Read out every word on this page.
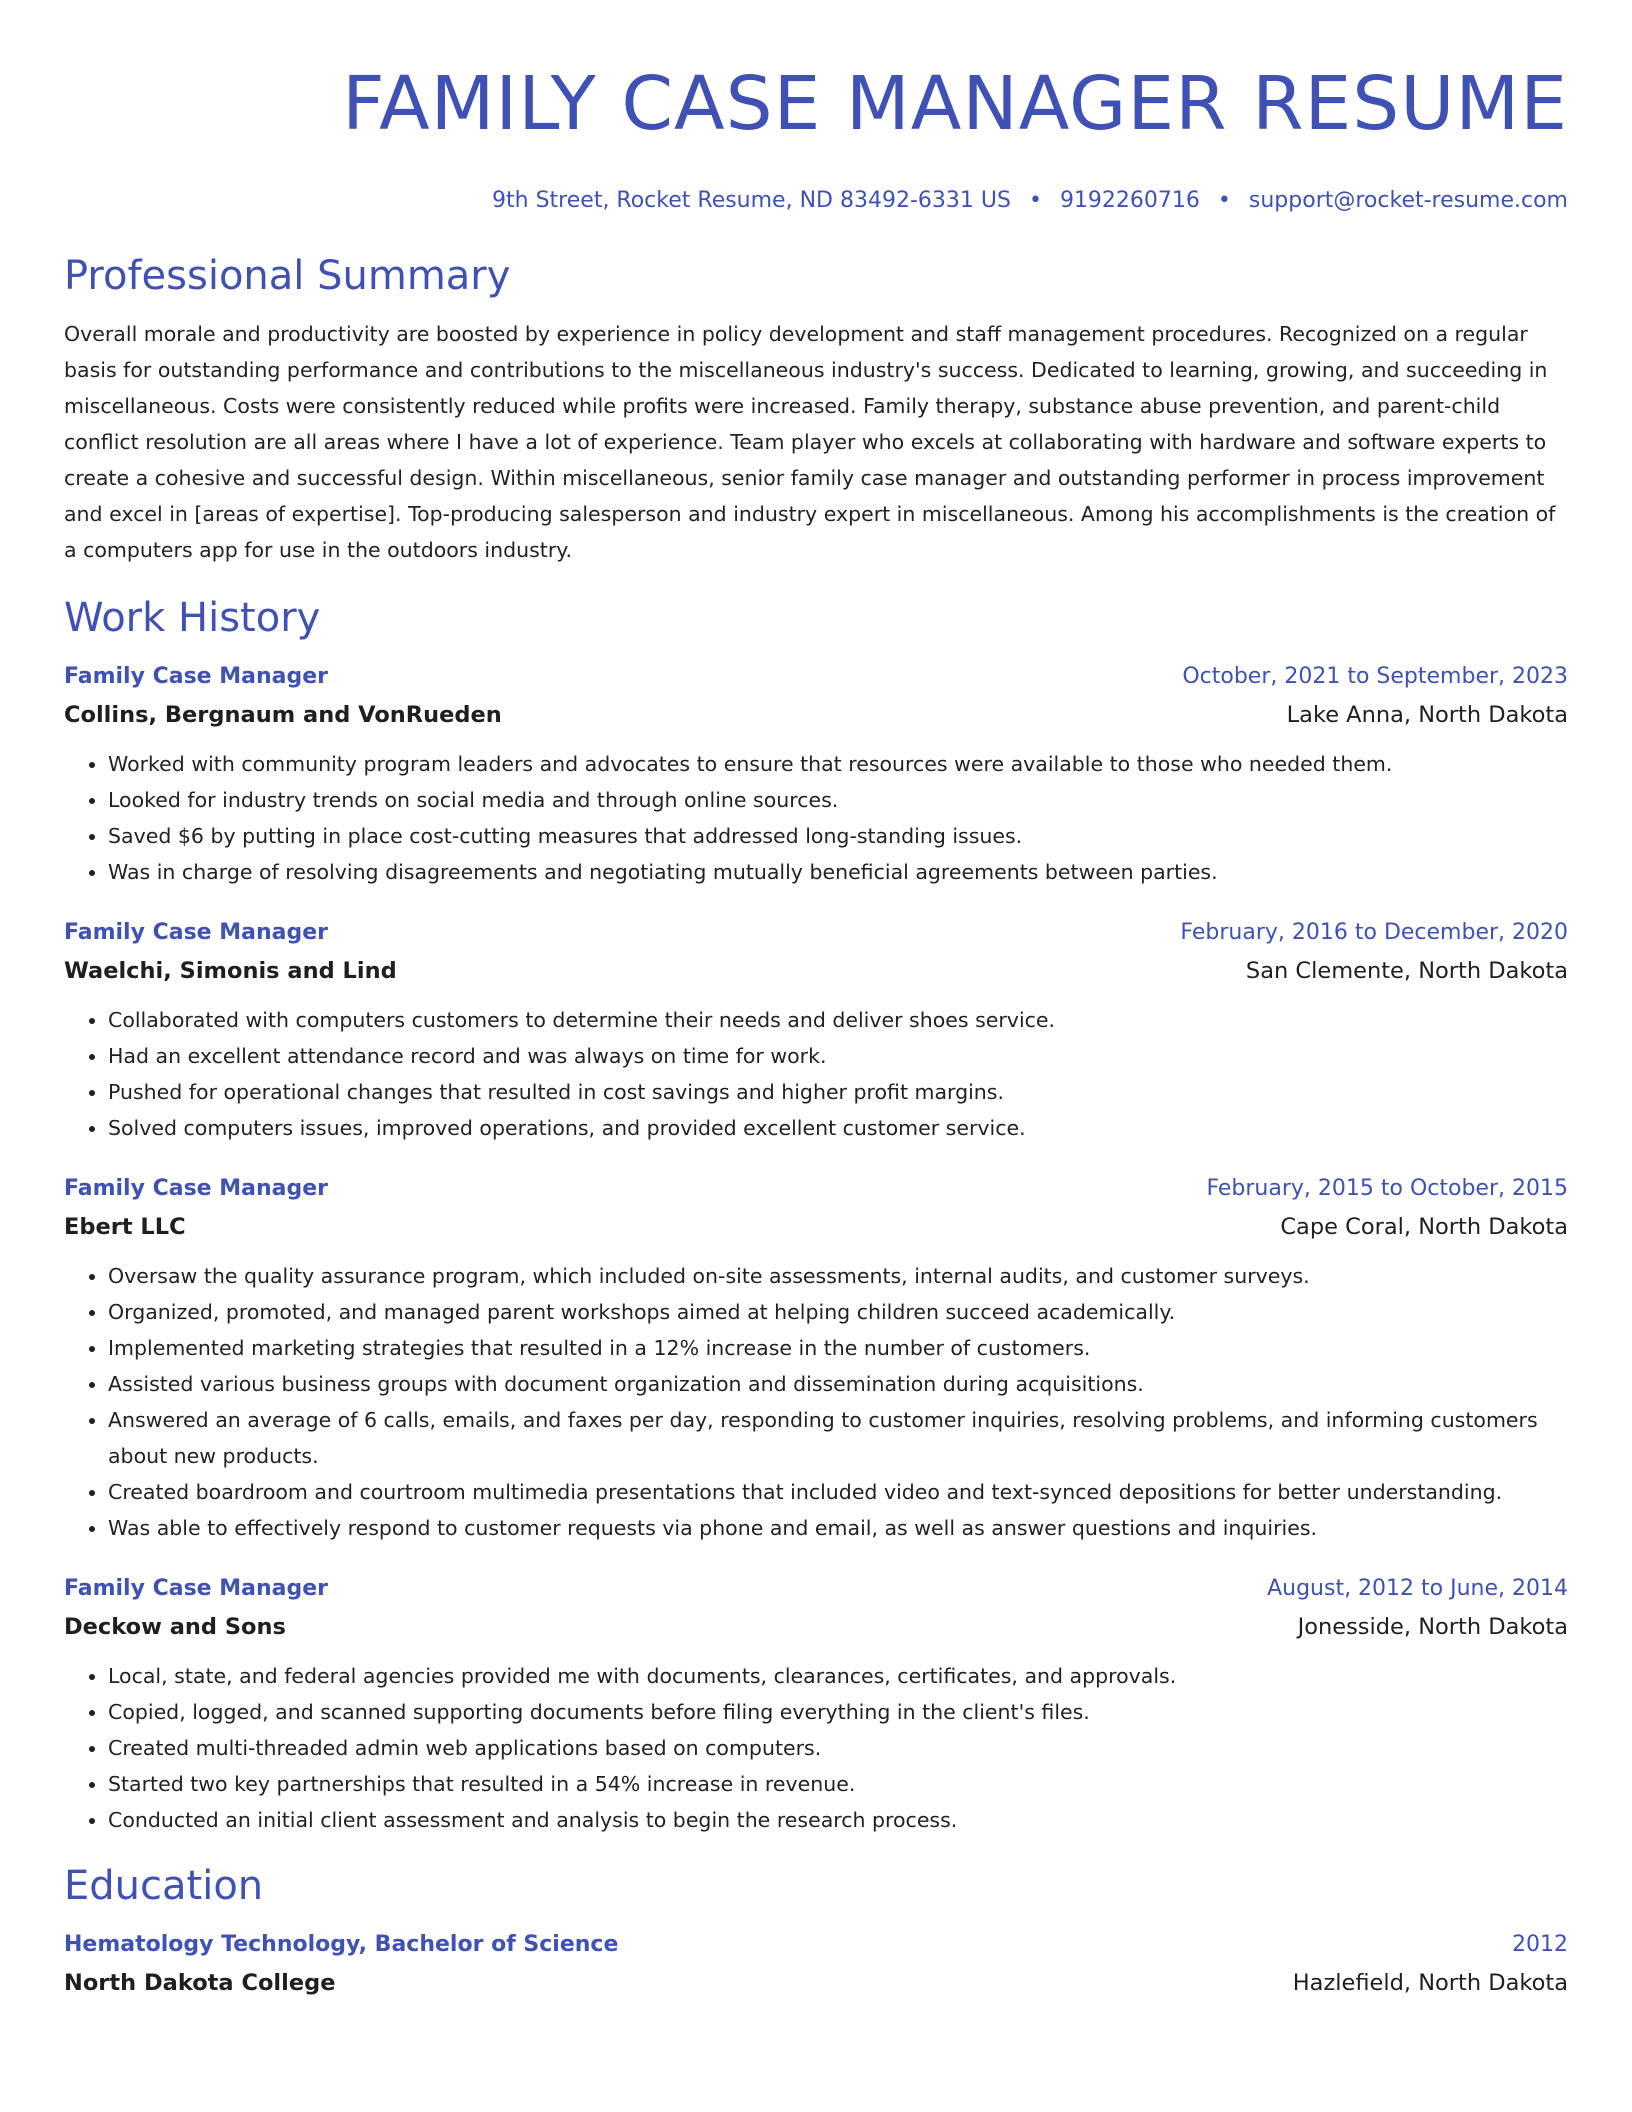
FAMILY CASE MANAGER RESUME
9th Street, Rocket Resume, ND 83492-6331 US • 9192260716 • support@rocket-resume.com
Professional Summary
Overall morale and productivity are boosted by experience in policy development and staff management procedures. Recognized on a regular basis for outstanding performance and contributions to the miscellaneous industry's success. Dedicated to learning, growing, and succeeding in miscellaneous. Costs were consistently reduced while profits were increased. Family therapy, substance abuse prevention, and parent-child conflict resolution are all areas where I have a lot of experience. Team player who excels at collaborating with hardware and software experts to create a cohesive and successful design. Within miscellaneous, senior family case manager and outstanding performer in process improvement and excel in [areas of expertise]. Top-producing salesperson and industry expert in miscellaneous. Among his accomplishments is the creation of a computers app for use in the outdoors industry.
Work History
Family Case Manager	October, 2021 to September, 2023
Collins, Bergnaum and VonRueden	Lake Anna, North Dakota
• Worked with community program leaders and advocates to ensure that resources were available to those who needed them.
• Looked for industry trends on social media and through online sources.
• Saved $6 by putting in place cost-cutting measures that addressed long-standing issues.
• Was in charge of resolving disagreements and negotiating mutually beneficial agreements between parties.
Family Case Manager	February, 2016 to December, 2020
Waelchi, Simonis and Lind	San Clemente, North Dakota
• Collaborated with computers customers to determine their needs and deliver shoes service.
• Had an excellent attendance record and was always on time for work.
• Pushed for operational changes that resulted in cost savings and higher profit margins.
• Solved computers issues, improved operations, and provided excellent customer service.
Family Case Manager	February, 2015 to October, 2015
Ebert LLC	Cape Coral, North Dakota
• Oversaw the quality assurance program, which included on-site assessments, internal audits, and customer surveys.
• Organized, promoted, and managed parent workshops aimed at helping children succeed academically.
• Implemented marketing strategies that resulted in a 12% increase in the number of customers.
• Assisted various business groups with document organization and dissemination during acquisitions.
• Answered an average of 6 calls, emails, and faxes per day, responding to customer inquiries, resolving problems, and informing customers about new products.
• Created boardroom and courtroom multimedia presentations that included video and text-synced depositions for better understanding.
• Was able to effectively respond to customer requests via phone and email, as well as answer questions and inquiries.
Family Case Manager	August, 2012 to June, 2014
Deckow and Sons	Jonesside, North Dakota
• Local, state, and federal agencies provided me with documents, clearances, certificates, and approvals.
• Copied, logged, and scanned supporting documents before filing everything in the client's files.
• Created multi-threaded admin web applications based on computers.
• Started two key partnerships that resulted in a 54% increase in revenue.
• Conducted an initial client assessment and analysis to begin the research process.
Education
Hematology Technology, Bachelor of Science	2012
North Dakota College	Hazlefield, North Dakota
